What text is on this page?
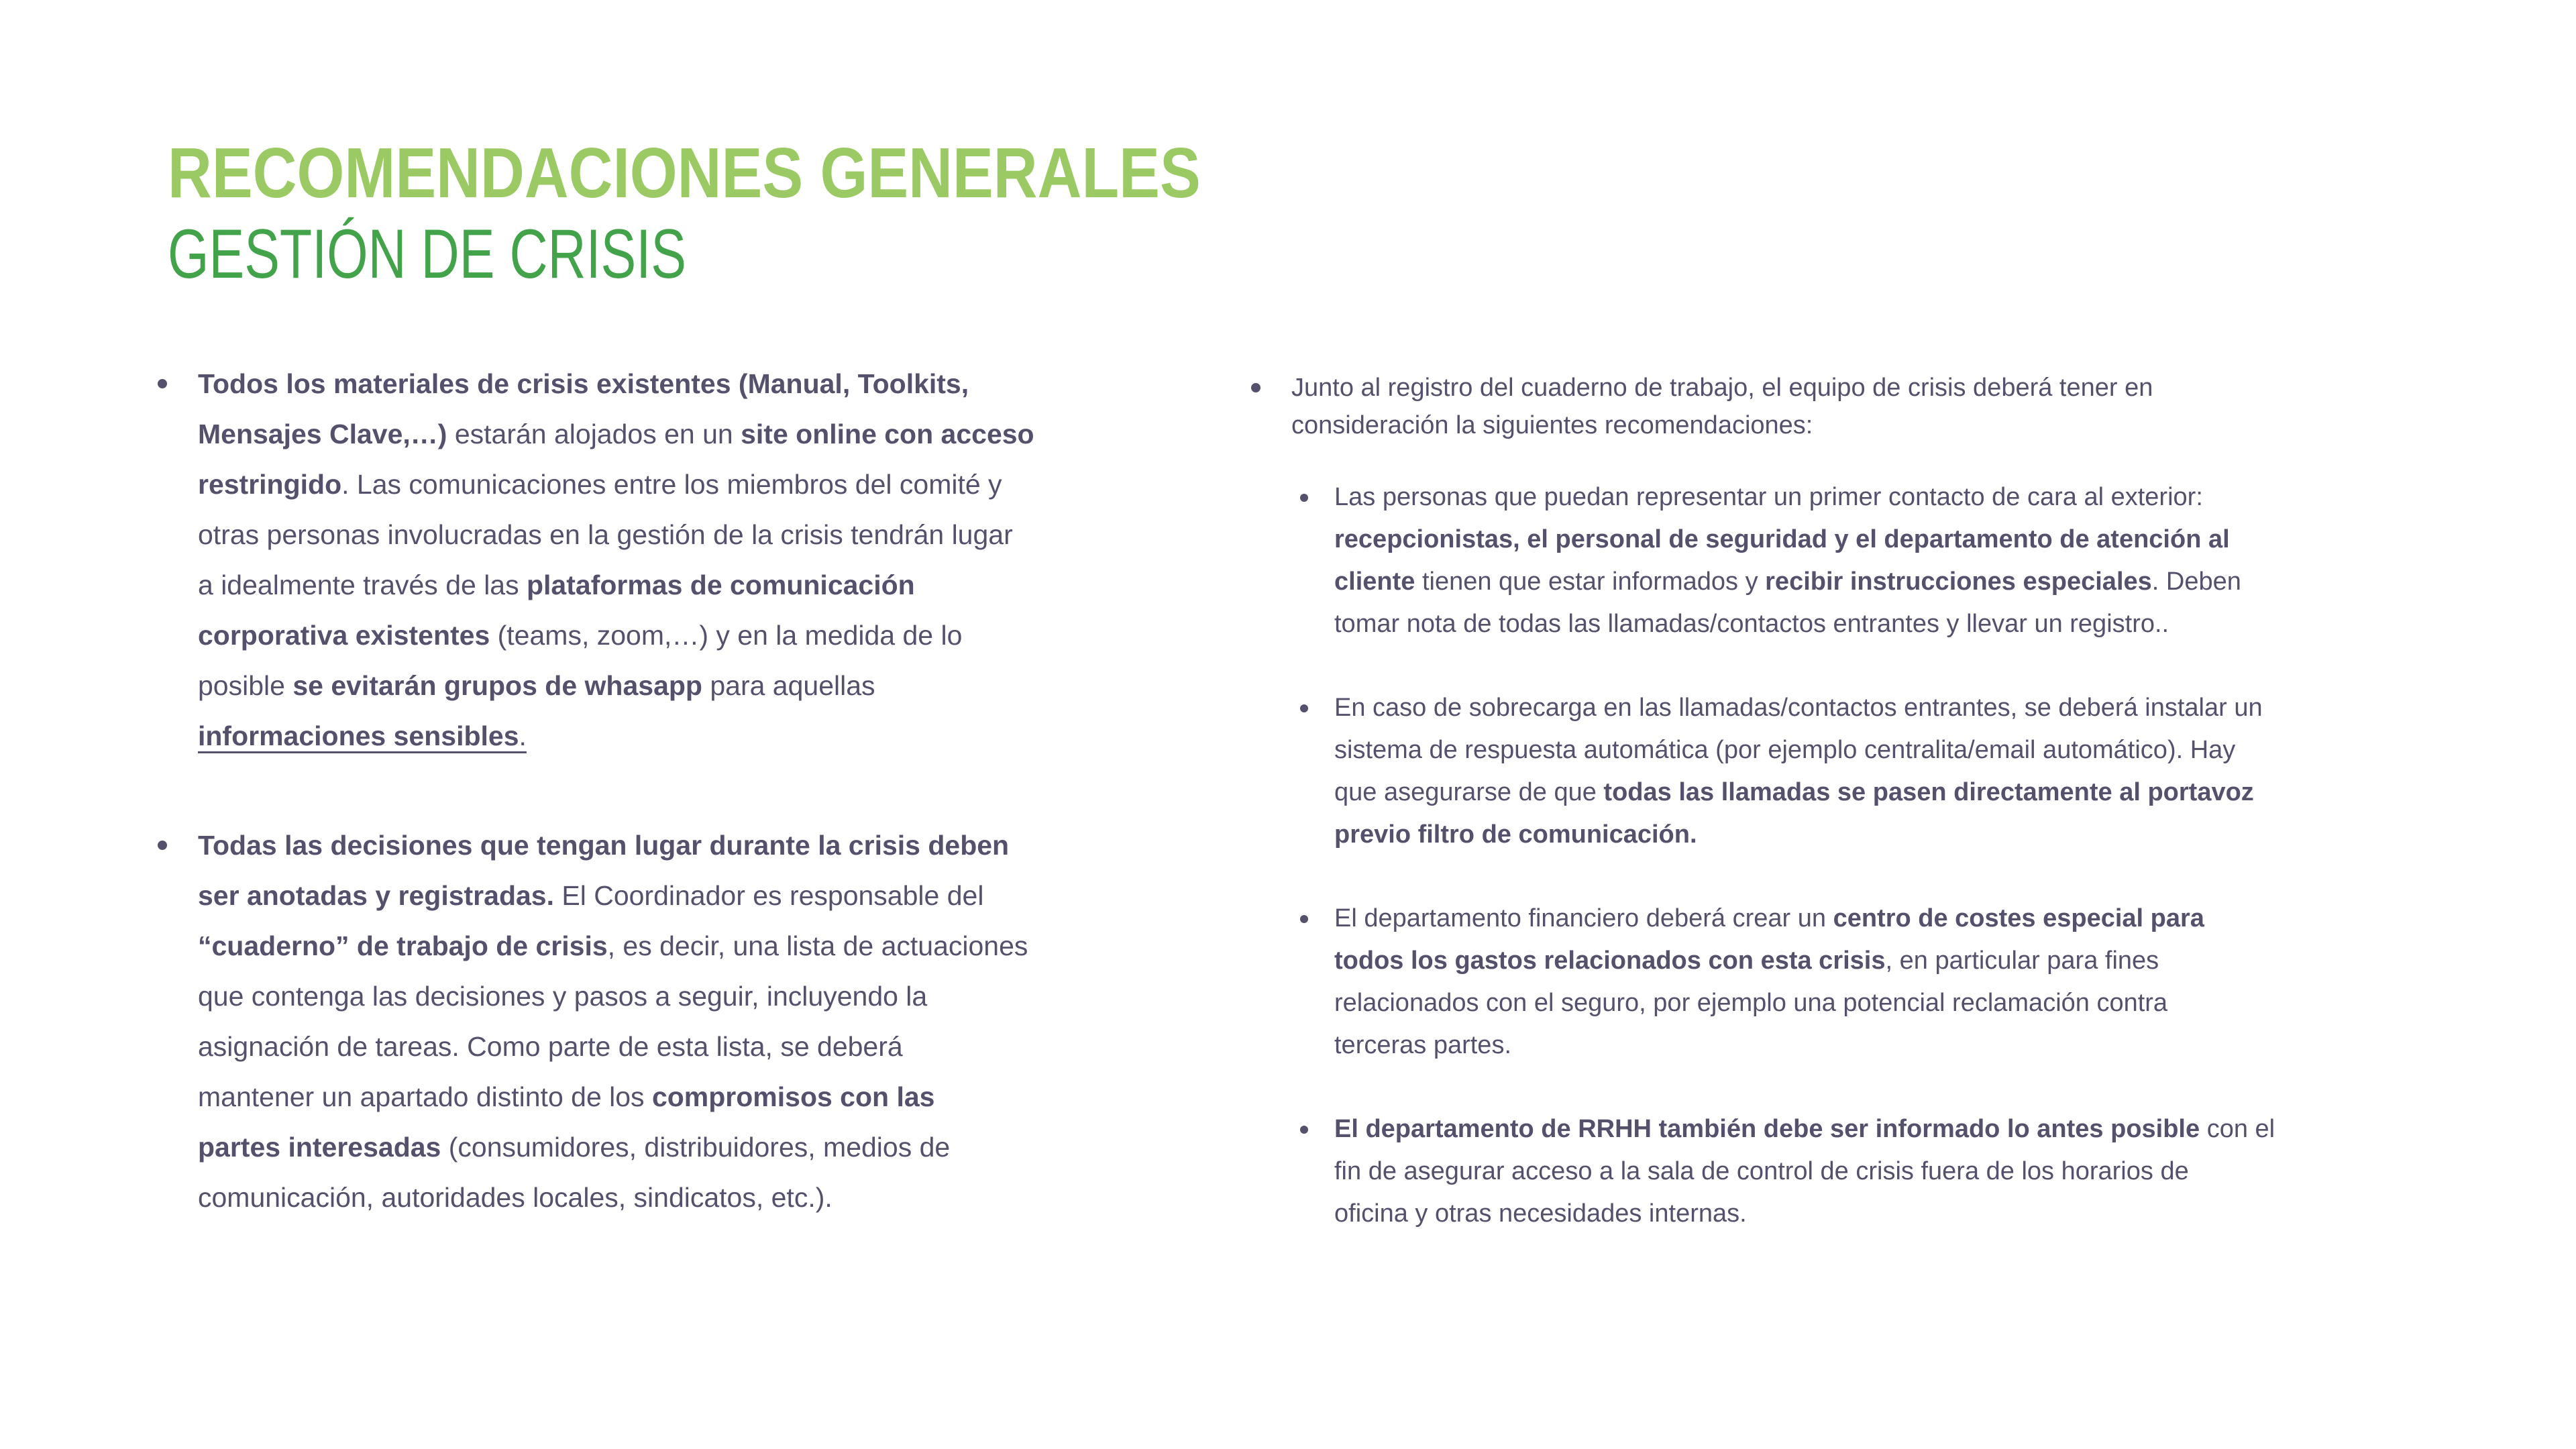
RECOMENDACIONES GENERALES
GESTIÓN DE CRISIS

Todos los materiales de crisis existentes (Manual, Toolkits,
Mensajes Clave,…) estarán alojados en un site online con acceso
restringido. Las comunicaciones entre los miembros del comité y
otras personas involucradas en la gestión de la crisis tendrán lugar
a idealmente través de las plataformas de comunicación
corporativa existentes (teams, zoom,…) y en la medida de lo
posible se evitarán grupos de whasapp para aquellas
informaciones sensibles.

Todas las decisiones que tengan lugar durante la crisis deben
ser anotadas y registradas. El Coordinador es responsable del
“cuaderno” de trabajo de crisis, es decir, una lista de actuaciones
que contenga las decisiones y pasos a seguir, incluyendo la
asignación de tareas. Como parte de esta lista, se deberá
mantener un apartado distinto de los compromisos con las
partes interesadas (consumidores, distribuidores, medios de
comunicación, autoridades locales, sindicatos, etc.).

Junto al registro del cuaderno de trabajo, el equipo de crisis deberá tener en
consideración la siguientes recomendaciones:

Las personas que puedan representar un primer contacto de cara al exterior:
recepcionistas, el personal de seguridad y el departamento de atención al
cliente tienen que estar informados y recibir instrucciones especiales. Deben
tomar nota de todas las llamadas/contactos entrantes y llevar un registro..

En caso de sobrecarga en las llamadas/contactos entrantes, se deberá instalar un
sistema de respuesta automática (por ejemplo centralita/email automático). Hay
que asegurarse de que todas las llamadas se pasen directamente al portavoz
previo filtro de comunicación.

El departamento financiero deberá crear un centro de costes especial para
todos los gastos relacionados con esta crisis, en particular para fines
relacionados con el seguro, por ejemplo una potencial reclamación contra
terceras partes.

El departamento de RRHH también debe ser informado lo antes posible con el
fin de asegurar acceso a la sala de control de crisis fuera de los horarios de
oficina y otras necesidades internas.
